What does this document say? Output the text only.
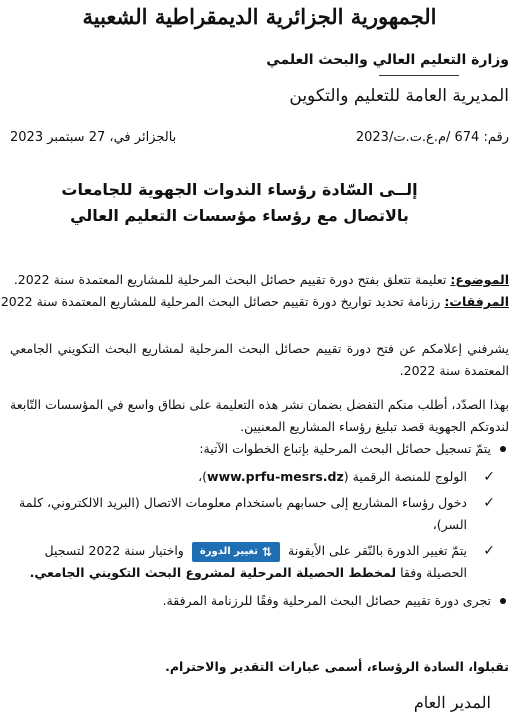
الجمهورية الجزائرية الديمقراطية الشعبية
وزارة التعليم العالي والبحث العلمي
المديرية العامة للتعليم والتكوين
رقم: 674 /م.ع.ت.ت/2023
بالجزائر في، 27 سبتمبر 2023
إلــى السّادة رؤساء الندوات الجهوية للجامعات
بالاتصال مع رؤساء مؤسسات التعليم العالي
الموضوع: تعليمة تتعلق بفتح دورة تقييم حصائل البحث المرحلية للمشاريع المعتمدة سنة 2022.
المرفقات: رزنامة تحديد تواريخ دورة تقييم حصائل البحث المرحلية للمشاريع المعتمدة سنة 2022

يشرفني إعلامكم عن فتح دورة تقييم حصائل البحث المرحلية لمشاريع البحث التكويني الجامعي المعتمدة سنة 2022.

بهذا الصدّد، أطلب منكم التفضل بضمان نشر هذه التعليمة على نطاق واسع في المؤسسات التّابعة لندوتكم الجهوية قصد تبليغ رؤساء المشاريع المعنيين.

يتمّ تسجيل حصائل البحث المرحلية بإتباع الخطوات الآتية:
✓
الولوج للمنصة الرقمية (www.prfu-mesrs.dz)،
✓
دخول رؤساء المشاريع إلى حسابهم باستخدام معلومات الاتصال (البريد الالكتروني، كلمة السر)،
✓
يتمّ تغيير الدورة بالنّقر على الأيقونة
⇅
تغيير الدورة
واختيار سنة 2022 لتسجيل الحصيلة وفقا لمخطط الحصيلة المرحلية لمشروع البحث التكويني الجامعي.
تجرى دورة تقييم حصائل البحث المرحلية وفقًا للرزنامة المرفقة.
تقبلوا، السادة الرؤساء، أسمى عبارات التقدير والاحترام.
المدير العام
